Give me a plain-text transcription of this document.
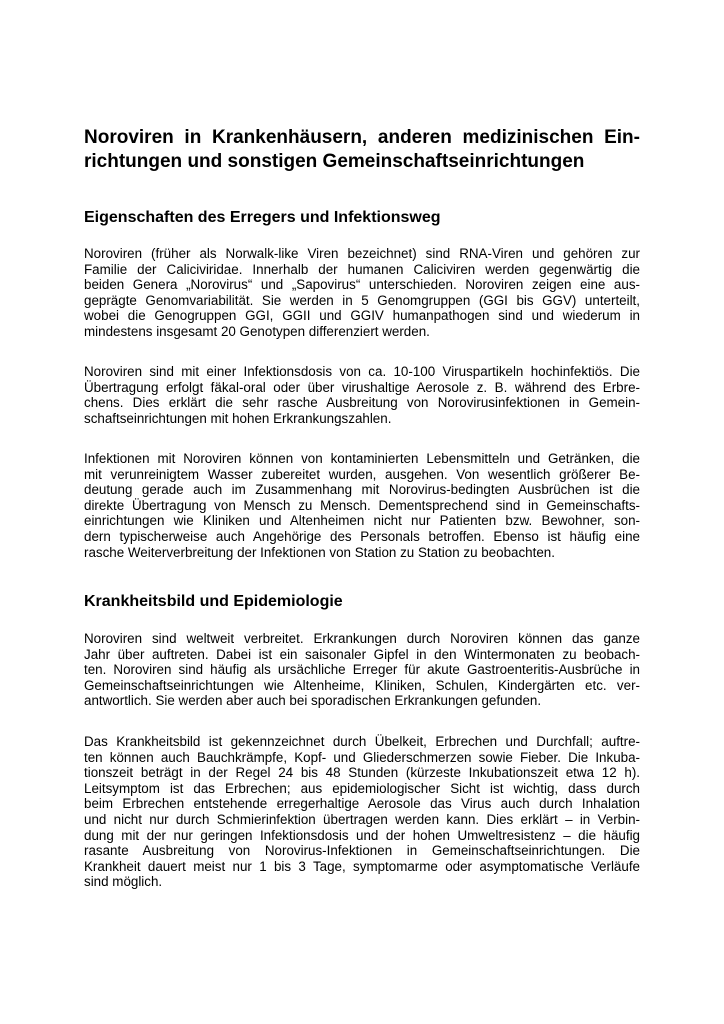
Noroviren in Krankenhäusern, anderen medizinischen Ein-
richtungen und sonstigen Gemeinschaftseinrichtungen
Eigenschaften des Erregers und Infektionsweg
Noroviren (früher als Norwalk-like Viren bezeichnet) sind RNA-Viren und gehören zur
Familie der Caliciviridae. Innerhalb der humanen Caliciviren werden gegenwärtig die
beiden Genera „Norovirus“ und „Sapovirus“ unterschieden. Noroviren zeigen eine aus-
geprägte Genomvariabilität. Sie werden in 5 Genomgruppen (GGI bis GGV) unterteilt,
wobei die Genogruppen GGI, GGII und GGIV humanpathogen sind und wiederum in
mindestens insgesamt 20 Genotypen differenziert werden.
Noroviren sind mit einer Infektionsdosis von ca. 10-100 Viruspartikeln hochinfektiös. Die
Übertragung erfolgt fäkal-oral oder über virushaltige Aerosole z. B. während des Erbre-
chens. Dies erklärt die sehr rasche Ausbreitung von Norovirusinfektionen in Gemein-
schaftseinrichtungen mit hohen Erkrankungszahlen.
Infektionen mit Noroviren können von kontaminierten Lebensmitteln und Getränken, die
mit verunreinigtem Wasser zubereitet wurden, ausgehen. Von wesentlich größerer Be-
deutung gerade auch im Zusammenhang mit Norovirus-bedingten Ausbrüchen ist die
direkte Übertragung von Mensch zu Mensch. Dementsprechend sind in Gemeinschafts-
einrichtungen wie Kliniken und Altenheimen nicht nur Patienten bzw. Bewohner, son-
dern typischerweise auch Angehörige des Personals betroffen. Ebenso ist häufig eine
rasche Weiterverbreitung der Infektionen von Station zu Station zu beobachten.
Krankheitsbild und Epidemiologie
Noroviren sind weltweit verbreitet. Erkrankungen durch Noroviren können das ganze
Jahr über auftreten. Dabei ist ein saisonaler Gipfel in den Wintermonaten zu beobach-
ten. Noroviren sind häufig als ursächliche Erreger für akute Gastroenteritis-Ausbrüche in
Gemeinschaftseinrichtungen wie Altenheime, Kliniken, Schulen, Kindergärten etc. ver-
antwortlich. Sie werden aber auch bei sporadischen Erkrankungen gefunden.
Das Krankheitsbild ist gekennzeichnet durch Übelkeit, Erbrechen und Durchfall; auftre-
ten können auch Bauchkrämpfe, Kopf- und Gliederschmerzen sowie Fieber. Die Inkuba-
tionszeit beträgt in der Regel 24 bis 48 Stunden (kürzeste Inkubationszeit etwa 12 h).
Leitsymptom ist das Erbrechen; aus epidemiologischer Sicht ist wichtig, dass durch
beim Erbrechen entstehende erregerhaltige Aerosole das Virus auch durch Inhalation
und nicht nur durch Schmierinfektion übertragen werden kann. Dies erklärt – in Verbin-
dung mit der nur geringen Infektionsdosis und der hohen Umweltresistenz – die häufig
rasante Ausbreitung von Norovirus-Infektionen in Gemeinschaftseinrichtungen. Die
Krankheit dauert meist nur 1 bis 3 Tage, symptomarme oder asymptomatische Verläufe
sind möglich.
